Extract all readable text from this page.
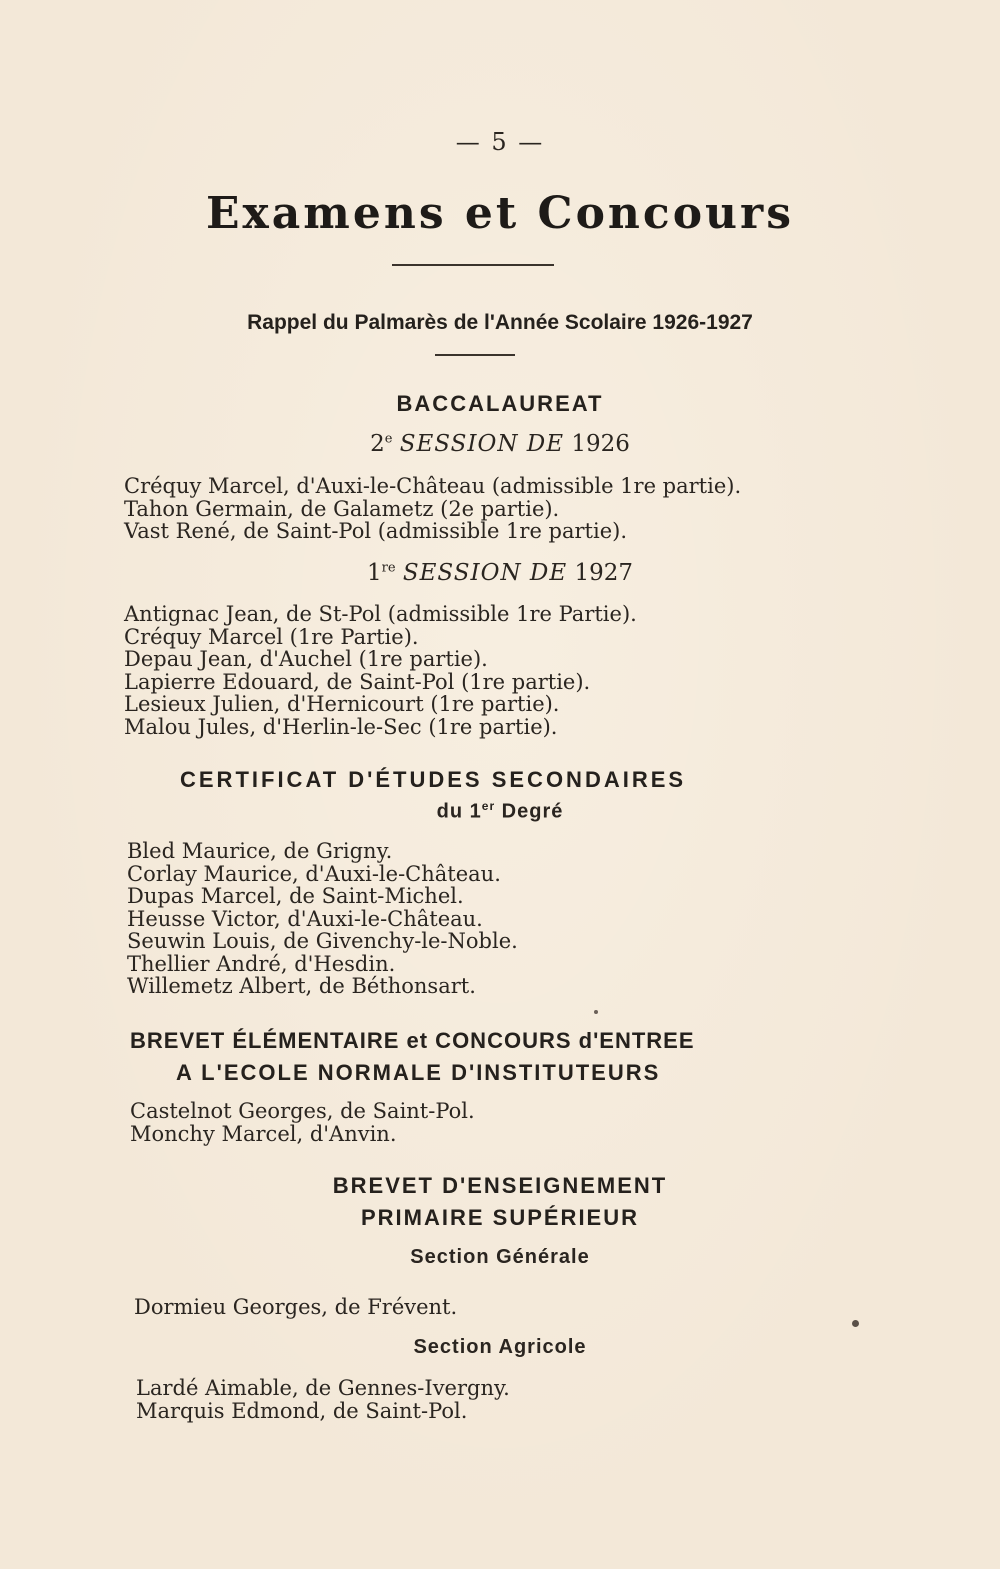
— 5 —
Examens et Concours
Rappel du Palmarès de l'Année Scolaire 1926-1927
BACCALAUREAT
2e SESSION DE 1926
Créquy Marcel, d'Auxi-le-Château (admissible 1re partie).
Tahon Germain, de Galametz (2e partie).
Vast René, de Saint-Pol (admissible 1re partie).
1re SESSION DE 1927
Antignac Jean, de St-Pol (admissible 1re Partie).
Créquy Marcel (1re Partie).
Depau Jean, d'Auchel (1re partie).
Lapierre Edouard, de Saint-Pol (1re partie).
Lesieux Julien, d'Hernicourt (1re partie).
Malou Jules, d'Herlin-le-Sec (1re partie).
CERTIFICAT D'ÉTUDES SECONDAIRES
du 1er Degré
Bled Maurice, de Grigny.
Corlay Maurice, d'Auxi-le-Château.
Dupas Marcel, de Saint-Michel.
Heusse Victor, d'Auxi-le-Château.
Seuwin Louis, de Givenchy-le-Noble.
Thellier André, d'Hesdin.
Willemetz Albert, de Béthonsart.
BREVET ÉLÉMENTAIRE et CONCOURS d'ENTREE
A L'ECOLE NORMALE D'INSTITUTEURS
Castelnot Georges, de Saint-Pol.
Monchy Marcel, d'Anvin.
BREVET D'ENSEIGNEMENT
PRIMAIRE SUPÉRIEUR
Section Générale
Dormieu Georges, de Frévent.
Section Agricole
Lardé Aimable, de Gennes-Ivergny.
Marquis Edmond, de Saint-Pol.
